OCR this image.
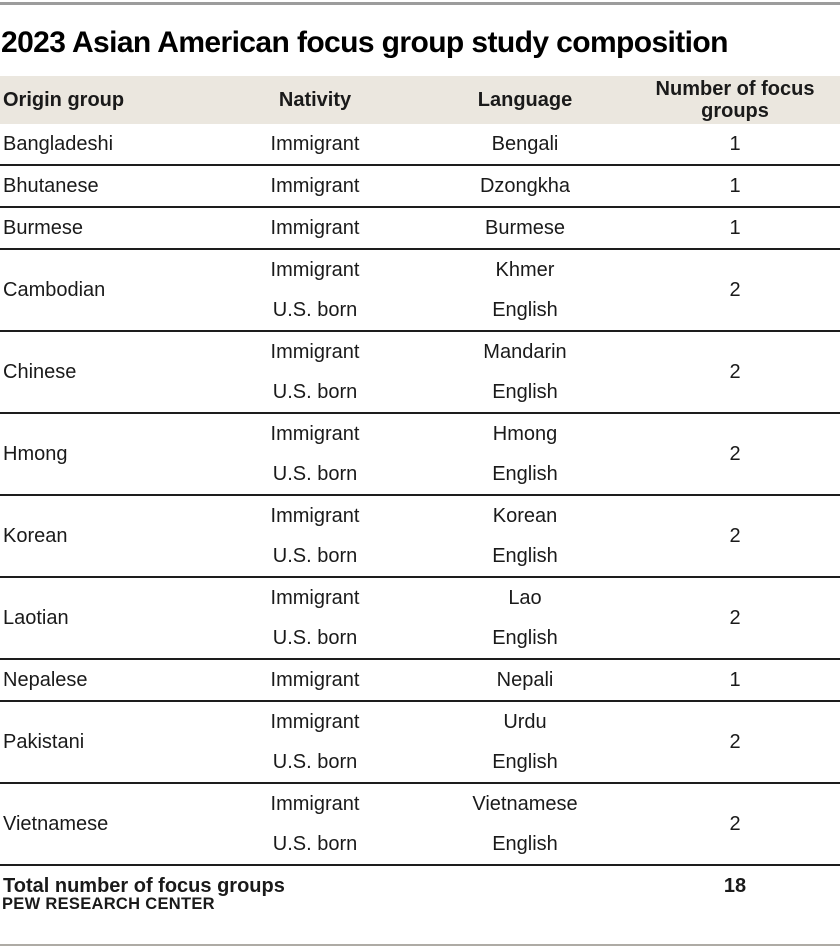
2023 Asian American focus group study composition
Origin group	Nativity	Language	Number of focus groups
Bangladeshi	Immigrant	Bengali	1
Bhutanese	Immigrant	Dzongkha	1
Burmese	Immigrant	Burmese	1
Cambodian	Immigrant	Khmer	2
	U.S. born	English	
Chinese	Immigrant	Mandarin	2
	U.S. born	English	
Hmong	Immigrant	Hmong	2
	U.S. born	English	
Korean	Immigrant	Korean	2
	U.S. born	English	
Laotian	Immigrant	Lao	2
	U.S. born	English	
Nepalese	Immigrant	Nepali	1
Pakistani	Immigrant	Urdu	2
	U.S. born	English	
Vietnamese	Immigrant	Vietnamese	2
	U.S. born	English	
Total number of focus groups			18
PEW RESEARCH CENTER
